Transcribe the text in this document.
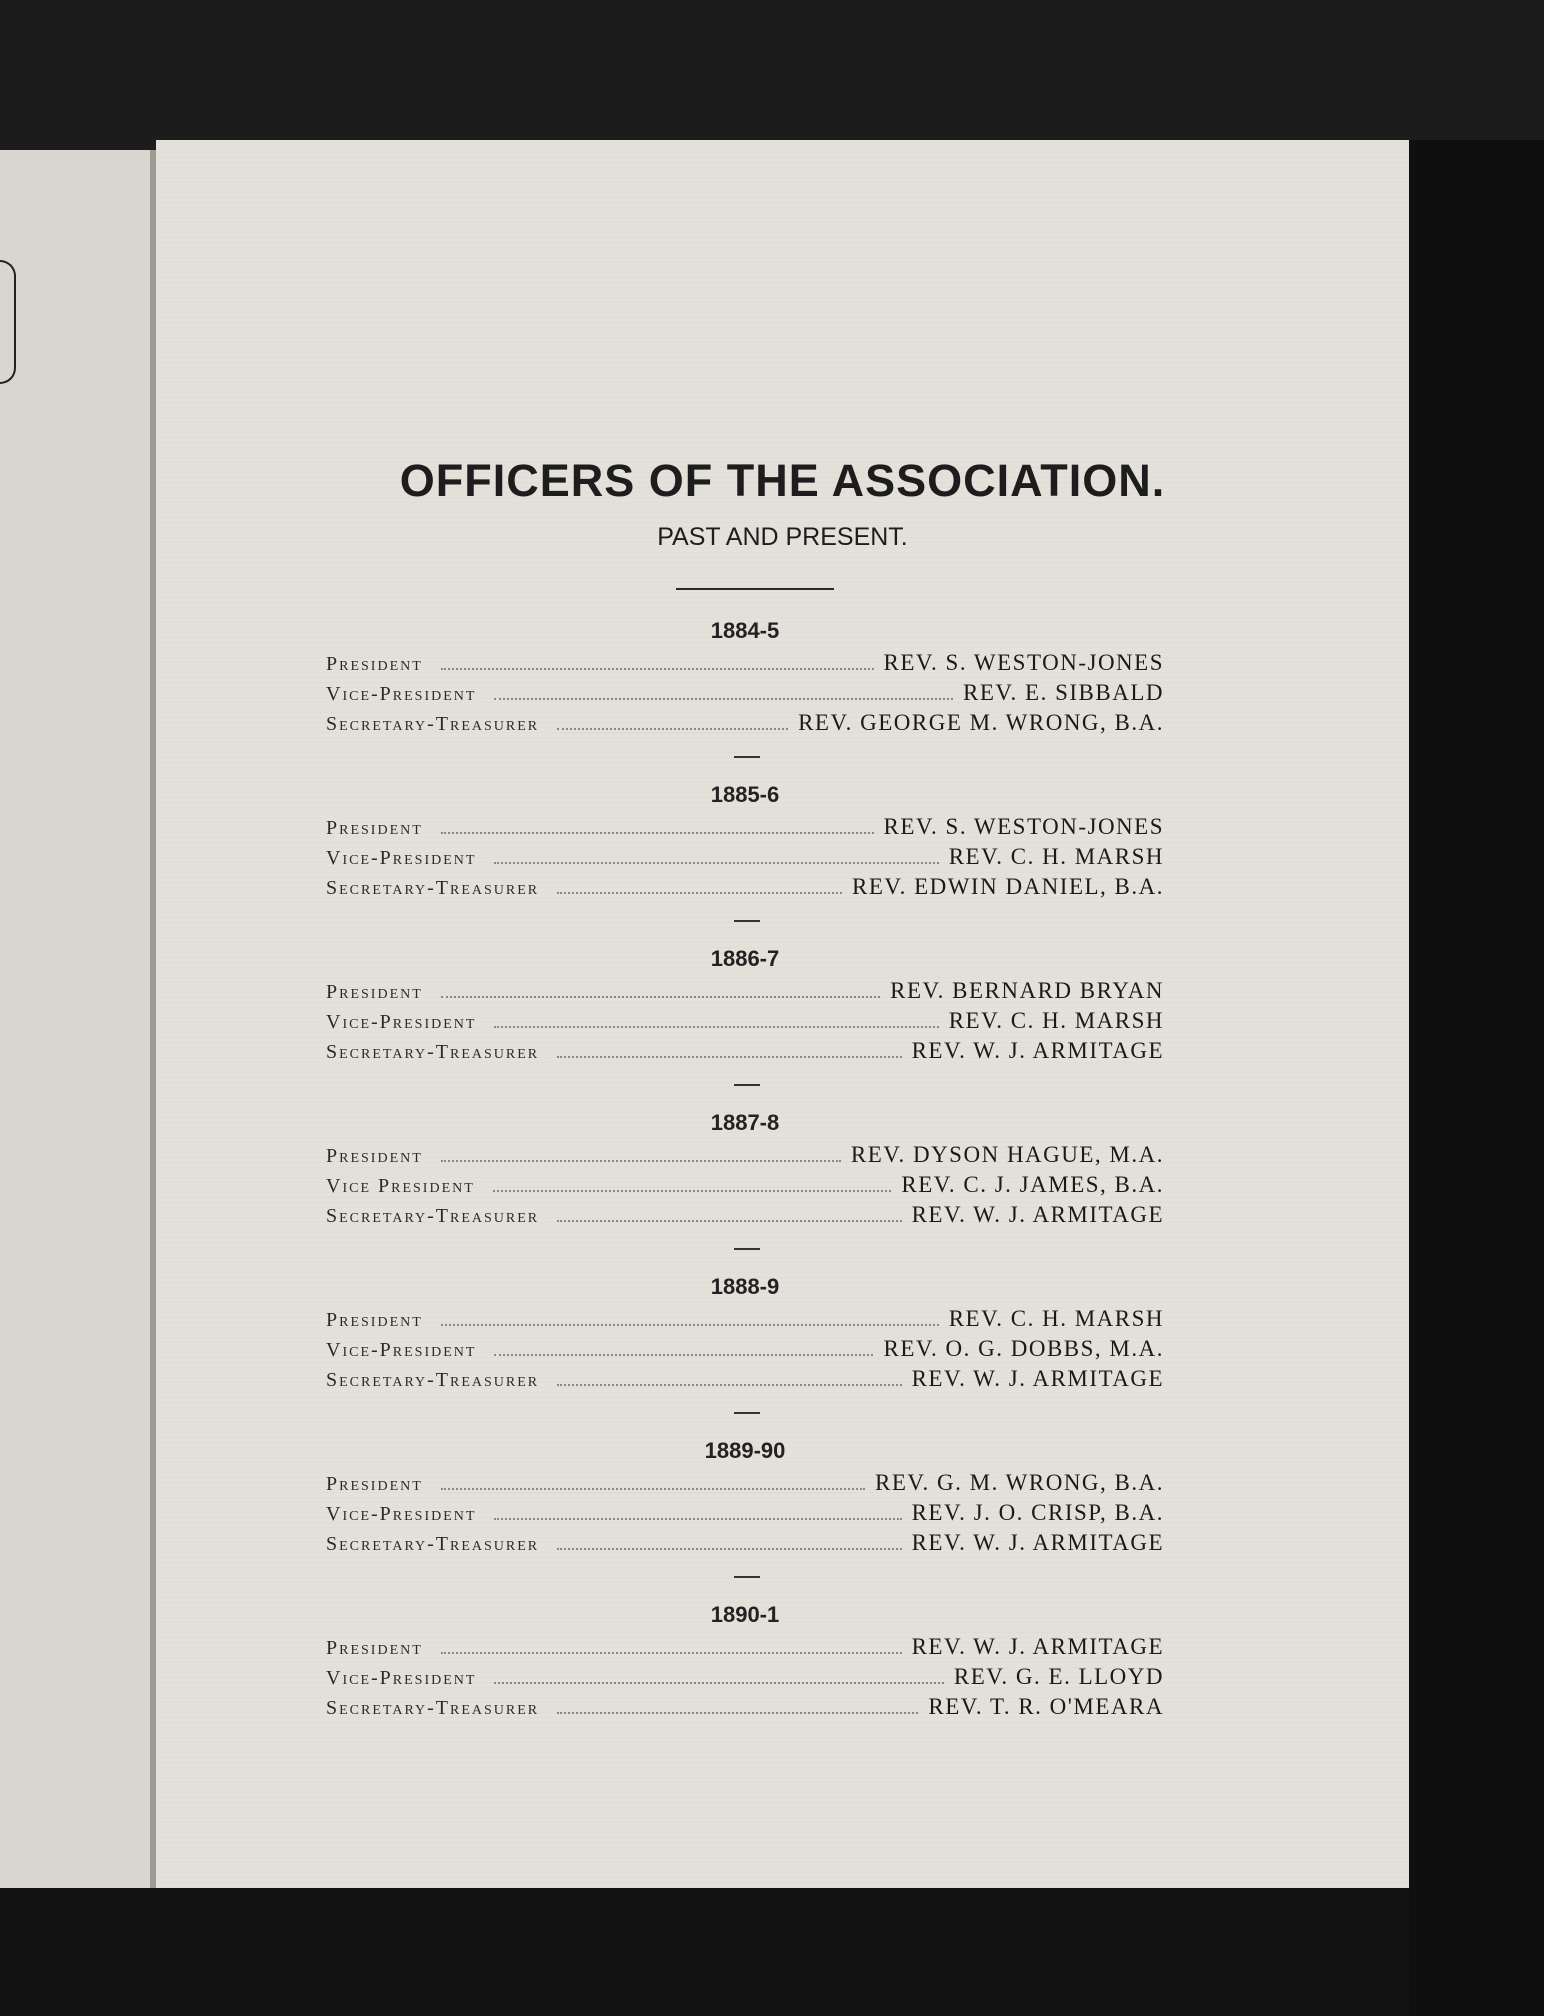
OFFICERS OF THE ASSOCIATION.
PAST AND PRESENT.
1884-5
President	REV. S. WESTON-JONES
Vice-President	REV. E. SIBBALD
Secretary-Treasurer	REV. GEORGE M. WRONG, B.A.
1885-6
President	REV. S. WESTON-JONES
Vice-President	REV. C. H. MARSH
Secretary-Treasurer	REV. EDWIN DANIEL, B.A.
1886-7
President	REV. BERNARD BRYAN
Vice-President	REV. C. H. MARSH
Secretary-Treasurer	REV. W. J. ARMITAGE
1887-8
President	REV. DYSON HAGUE, M.A.
Vice President	REV. C. J. JAMES, B.A.
Secretary-Treasurer	REV. W. J. ARMITAGE
1888-9
President	REV. C. H. MARSH
Vice-President	REV. O. G. DOBBS, M.A.
Secretary-Treasurer	REV. W. J. ARMITAGE
1889-90
President	REV. G. M. WRONG, B.A.
Vice-President	REV. J. O. CRISP, B.A.
Secretary-Treasurer	REV. W. J. ARMITAGE
1890-1
President	REV. W. J. ARMITAGE
Vice-President	REV. G. E. LLOYD
Secretary-Treasurer	REV. T. R. O'MEARA
